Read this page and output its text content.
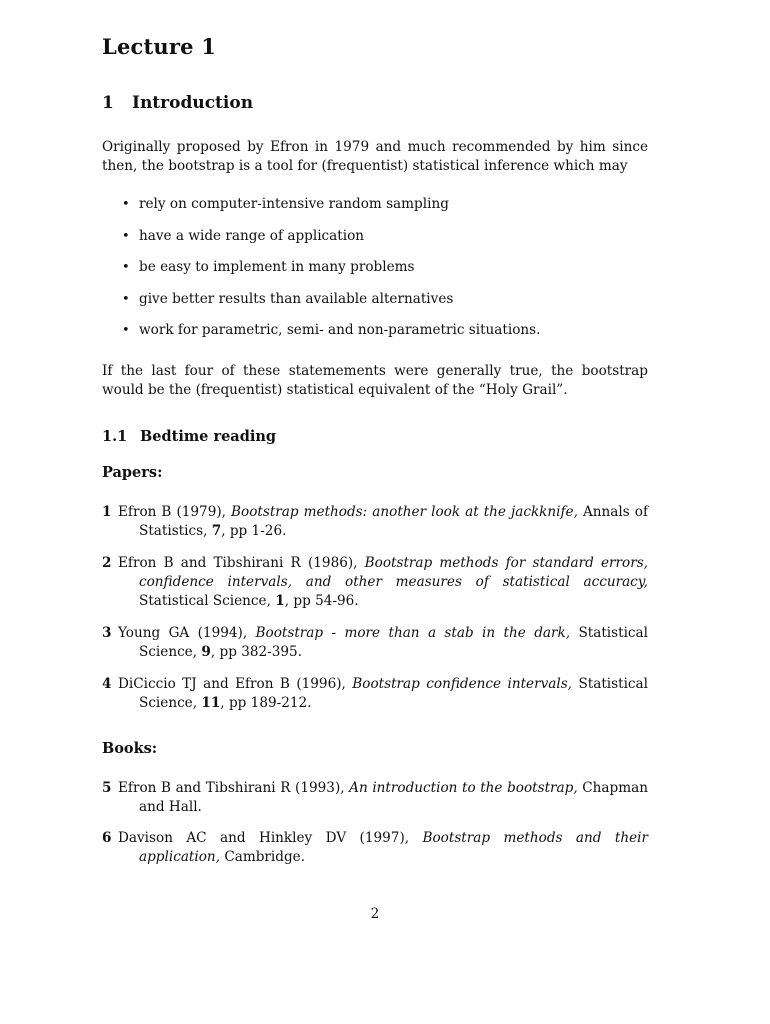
Lecture 1
1 Introduction

Originally proposed by Efron in 1979 and much recommended by him since then, the bootstrap is a tool for (frequentist) statistical inference which may

• rely on computer-intensive random sampling
• have a wide range of application
• be easy to implement in many problems
• give better results than available alternatives
• work for parametric, semi- and non-parametric situations.

If the last four of these statemements were generally true, the bootstrap would be the (frequentist) statistical equivalent of the “Holy Grail”.

1.1 Bedtime reading
Papers:
1 Efron B (1979), Bootstrap methods: another look at the jackknife, Annals of Statistics, 7, pp 1-26.
2 Efron B and Tibshirani R (1986), Bootstrap methods for standard errors, confidence intervals, and other measures of statistical accuracy, Statistical Science, 1, pp 54-96.
3 Young GA (1994), Bootstrap - more than a stab in the dark, Statistical Science, 9, pp 382-395.
4 DiCiccio TJ and Efron B (1996), Bootstrap confidence intervals, Statistical Science, 11, pp 189-212.
Books:
5 Efron B and Tibshirani R (1993), An introduction to the bootstrap, Chapman and Hall.
6 Davison AC and Hinkley DV (1997), Bootstrap methods and their application, Cambridge.
2
